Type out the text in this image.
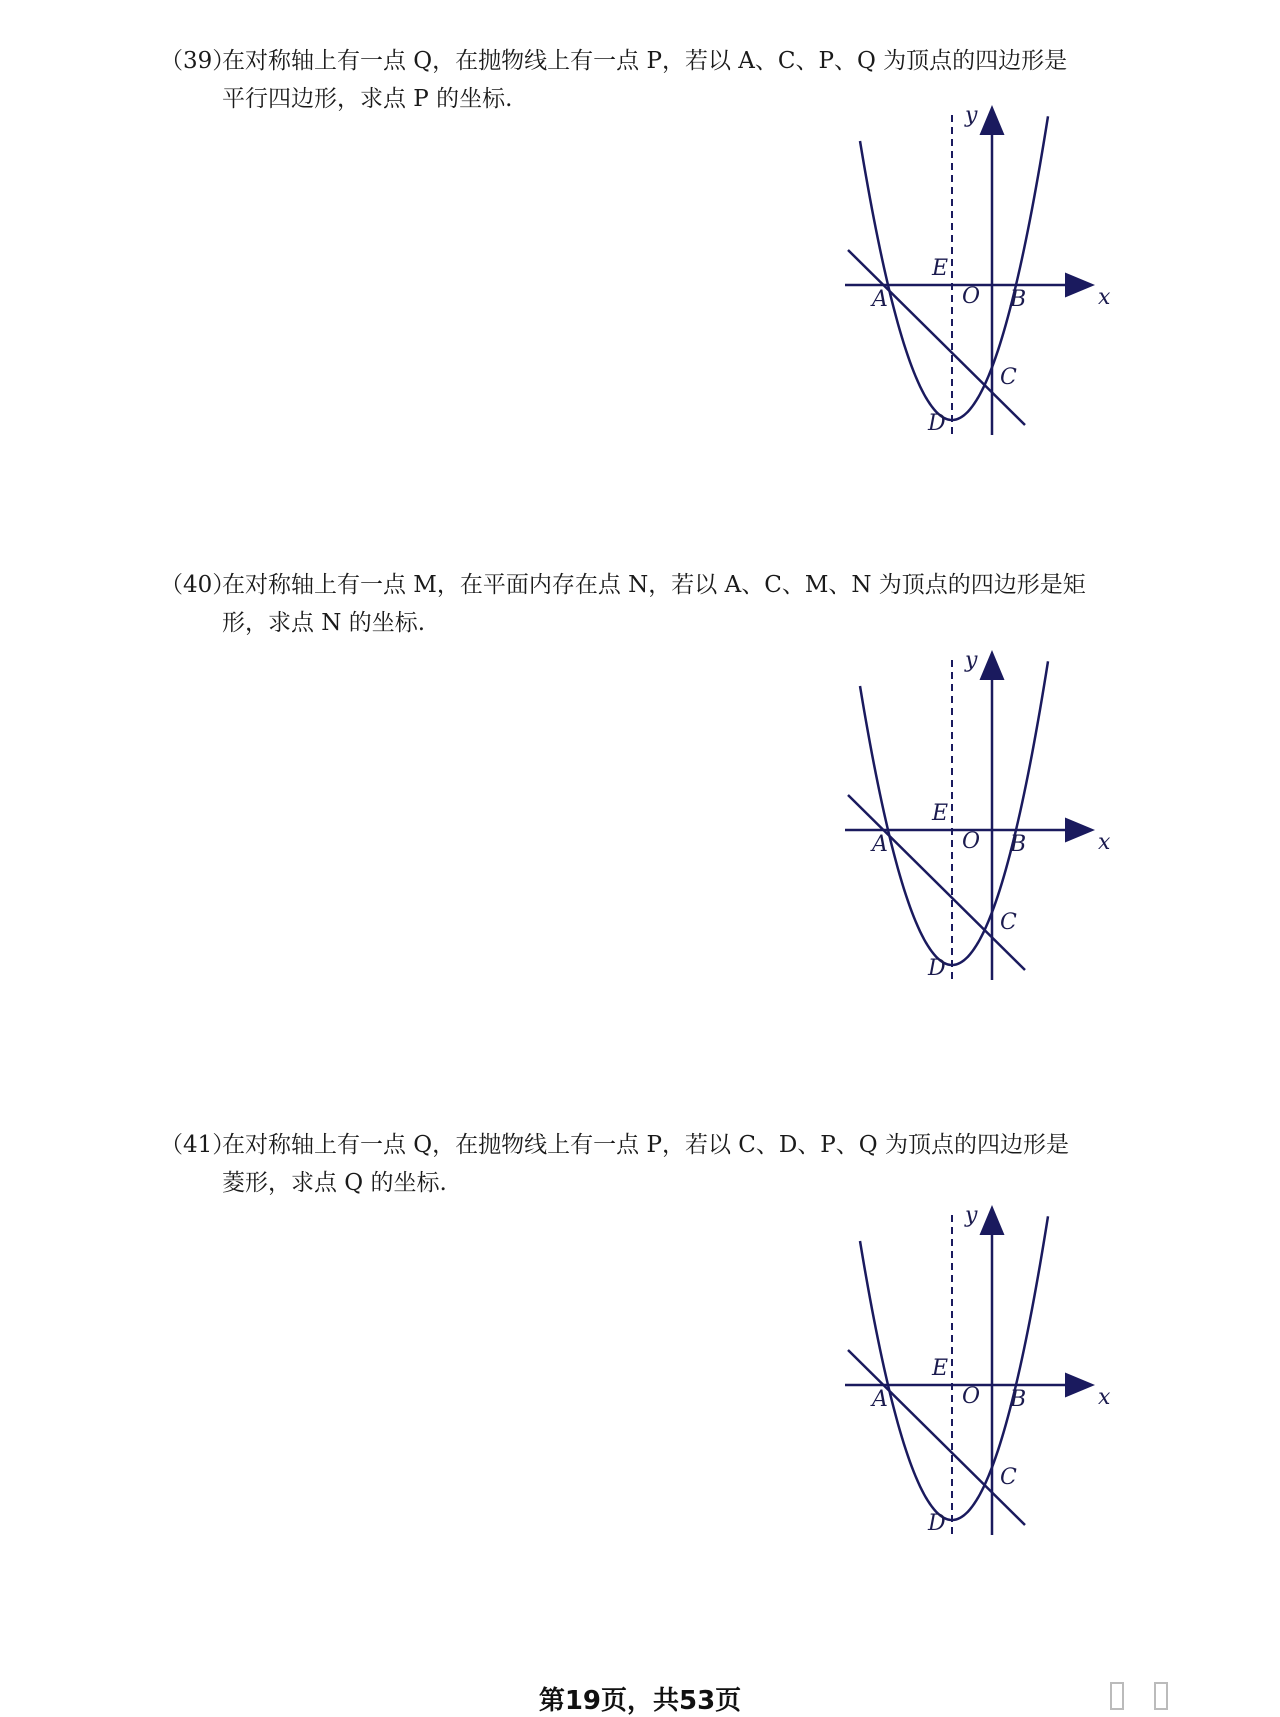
（39）在对称轴上有一点 Q，在抛物线上有一点 P，若以 A、C、P、Q 为顶点的四边形是
平行四边形，求点 P 的坐标.
y
x
E
O
A	B
C
D
（40）在对称轴上有一点 M，在平面内存在点 N，若以 A、C、M、N 为顶点的四边形是矩
形，求点 N 的坐标.
y
x
E
O
A	B
C
D
（41）在对称轴上有一点 Q，在抛物线上有一点 P，若以 C、D、P、Q 为顶点的四边形是
菱形，求点 Q 的坐标.
y
x
E
O
A	B
C
D
第19页，共53页
